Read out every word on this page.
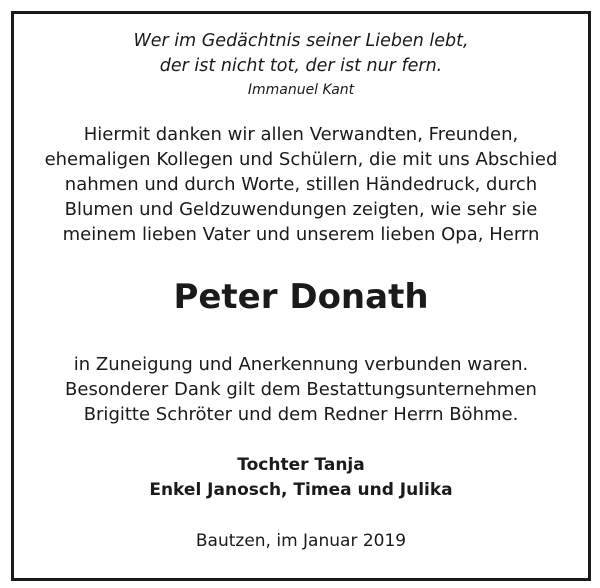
Wer im Gedächtnis seiner Lieben lebt,
der ist nicht tot, der ist nur fern.
Immanuel Kant
Hiermit danken wir allen Verwandten, Freunden,
ehemaligen Kollegen und Schülern, die mit uns Abschied
nahmen und durch Worte, stillen Händedruck, durch
Blumen und Geldzuwendungen zeigten, wie sehr sie
meinem lieben Vater und unserem lieben Opa, Herrn
Peter Donath
in Zuneigung und Anerkennung verbunden waren.
Besonderer Dank gilt dem Bestattungsunternehmen
Brigitte Schröter und dem Redner Herrn Böhme.
Tochter Tanja
Enkel Janosch, Timea und Julika
Bautzen, im Januar 2019
